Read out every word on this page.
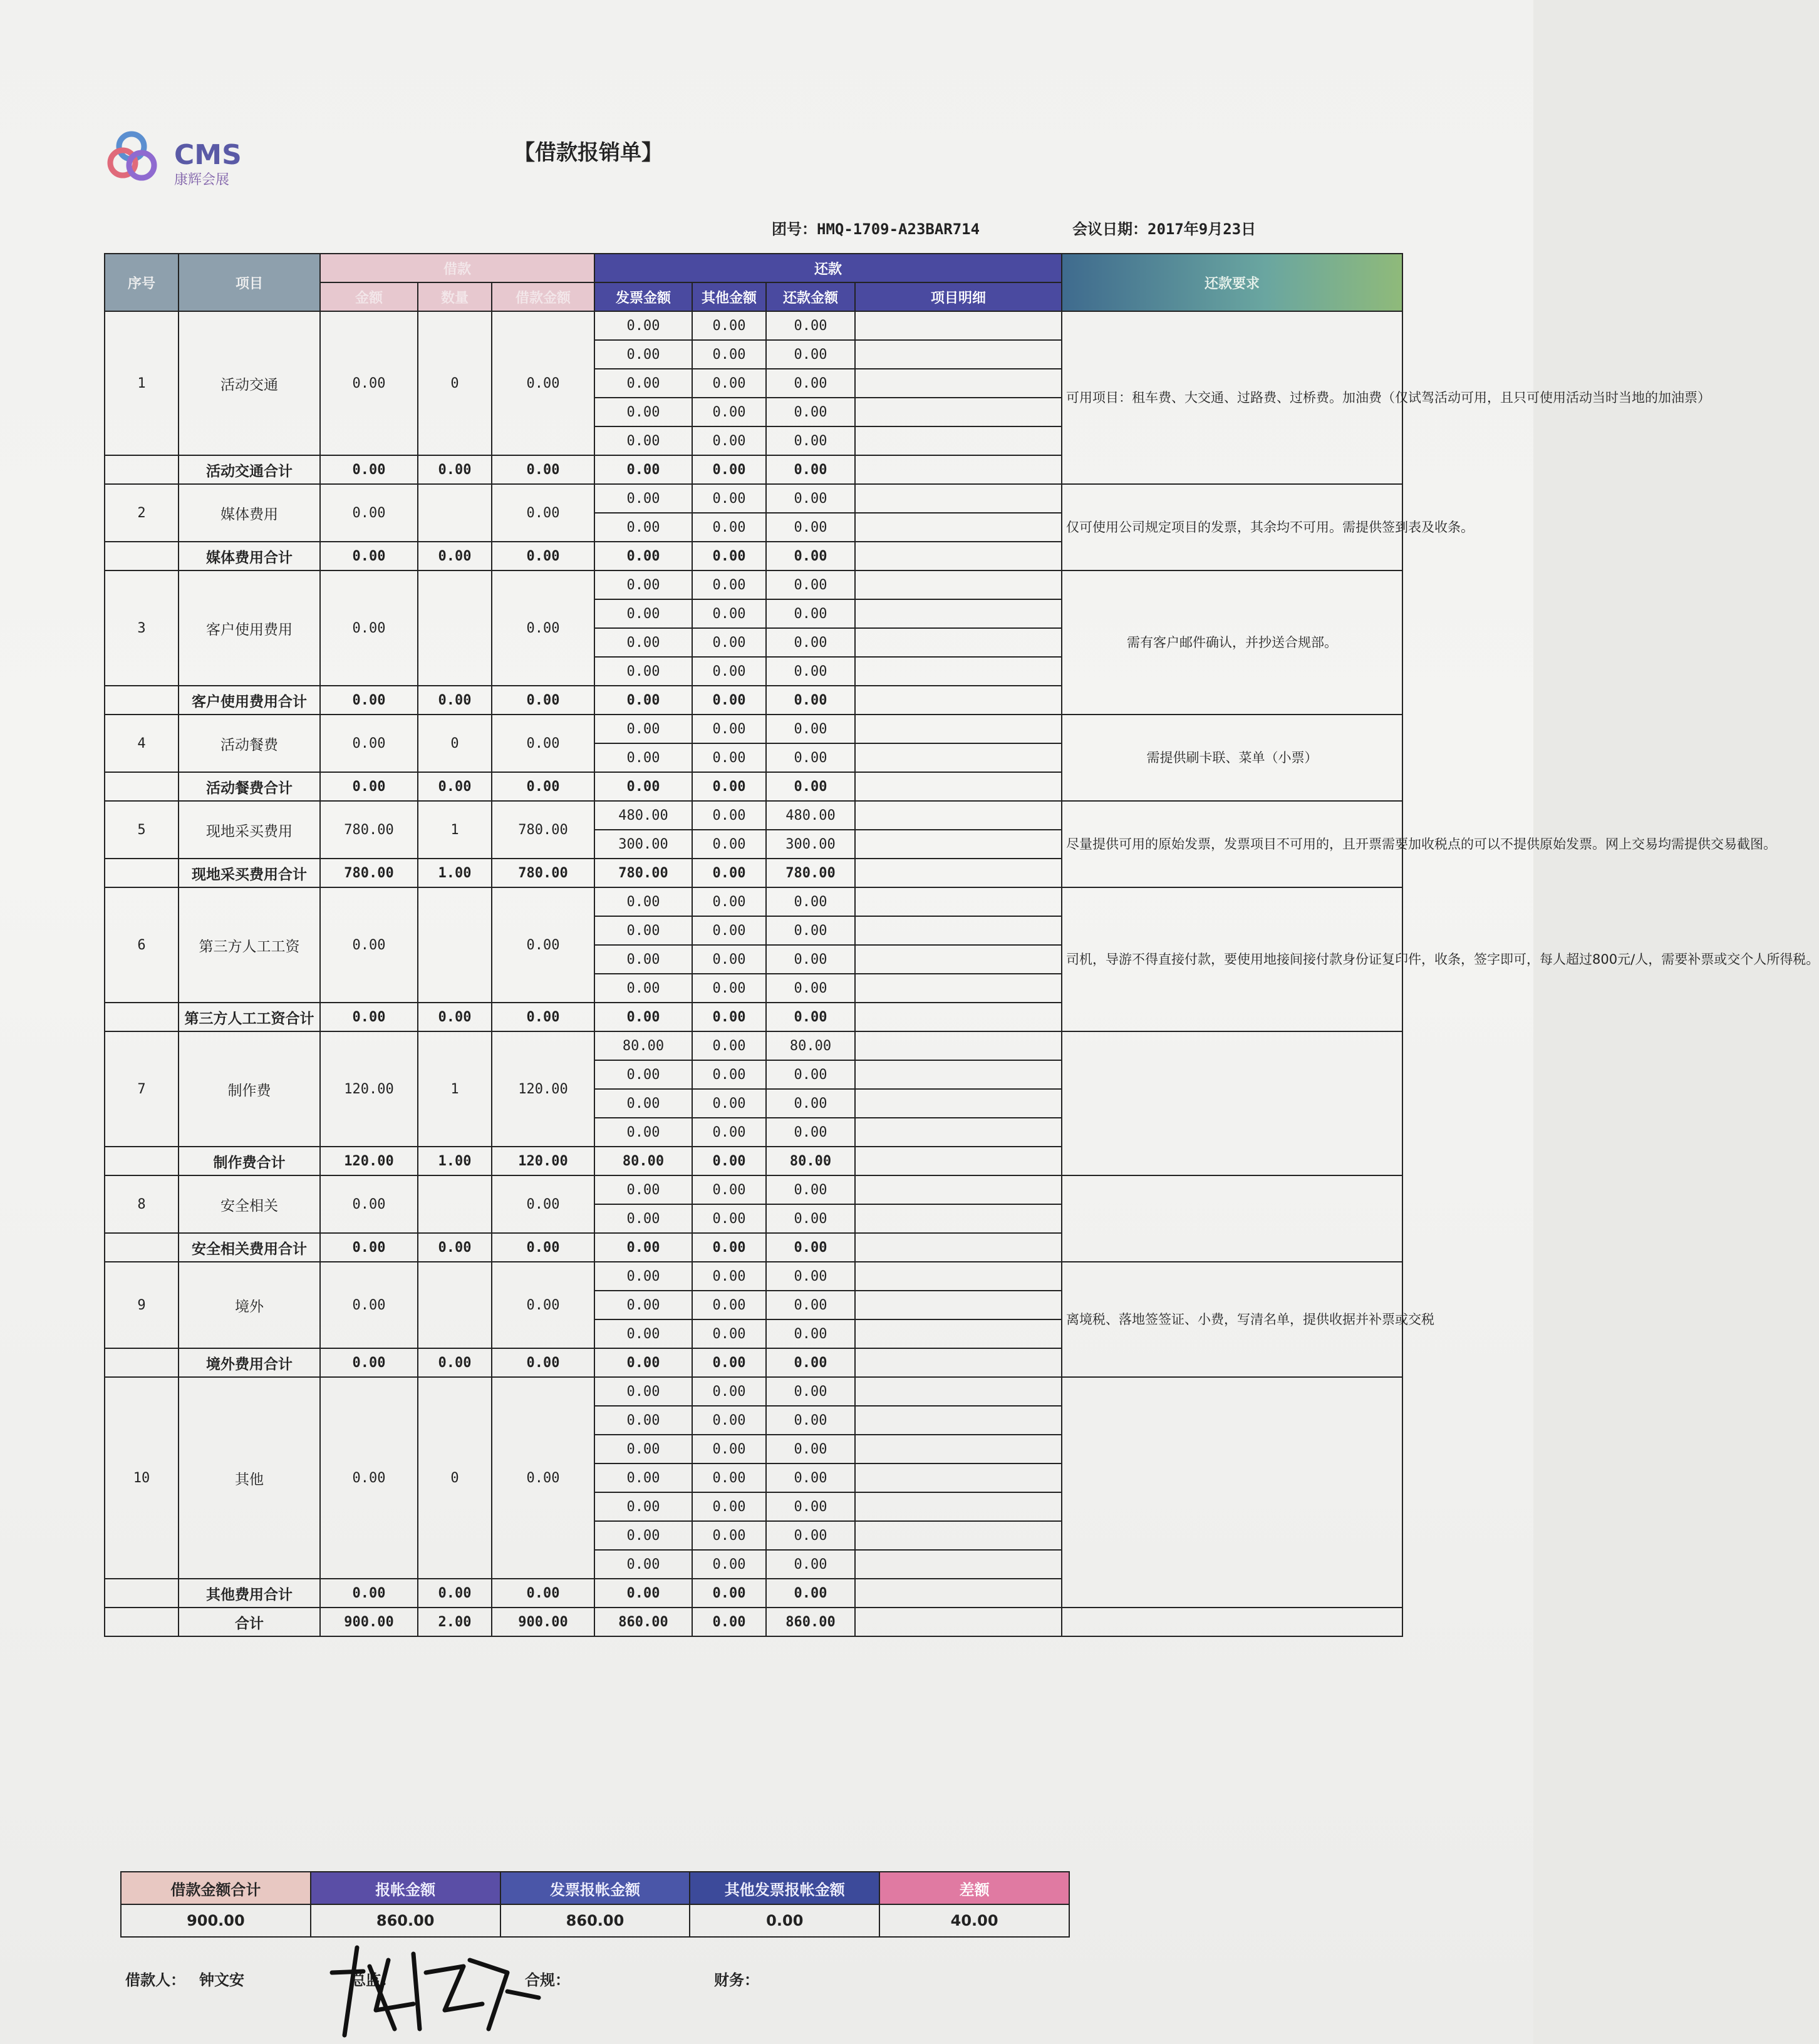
CMS
康辉会展
【借款报销单】
团号：HMQ-1709-A23BAR714	会议日期：2017年9月23日
序号	项目	借款			还款				还款要求
		金额	数量	借款金额	发票金额	其他金额	还款金额	项目明细	
1	活动交通	0.00	0	0.00	0.00	0.00	0.00		可用项目：租车费、大交通、过路费、过桥费。加油费（仅试驾活动可用，且只可使用活动当时当地的加油票）
					0.00	0.00	0.00		
					0.00	0.00	0.00		
					0.00	0.00	0.00		
					0.00	0.00	0.00		
	活动交通合计	0.00	0.00	0.00	0.00	0.00	0.00		
2	媒体费用	0.00		0.00	0.00	0.00	0.00		仅可使用公司规定项目的发票，其余均不可用。需提供签到表及收条。
					0.00	0.00	0.00		
	媒体费用合计	0.00	0.00	0.00	0.00	0.00	0.00		
3	客户使用费用	0.00		0.00	0.00	0.00	0.00		需有客户邮件确认，并抄送合规部。
					0.00	0.00	0.00		
					0.00	0.00	0.00		
					0.00	0.00	0.00		
	客户使用费用合计	0.00	0.00	0.00	0.00	0.00	0.00		
4	活动餐费	0.00	0	0.00	0.00	0.00	0.00		需提供刷卡联、菜单（小票）
					0.00	0.00	0.00		
	活动餐费合计	0.00	0.00	0.00	0.00	0.00	0.00		
5	现地采买费用	780.00	1	780.00	480.00	0.00	480.00		尽量提供可用的原始发票，发票项目不可用的，且开票需要加收税点的可以不提供原始发票。网上交易均需提供交易截图。
					300.00	0.00	300.00		
	现地采买费用合计	780.00	1.00	780.00	780.00	0.00	780.00		
6	第三方人工工资	0.00		0.00	0.00	0.00	0.00		司机，导游不得直接付款，要使用地接间接付款身份证复印件，收条，签字即可，每人超过800元/人，需要补票或交个人所得税。
					0.00	0.00	0.00		
					0.00	0.00	0.00		
					0.00	0.00	0.00		
	第三方人工工资合计	0.00	0.00	0.00	0.00	0.00	0.00		
7	制作费	120.00	1	120.00	80.00	0.00	80.00		
					0.00	0.00	0.00		
					0.00	0.00	0.00		
					0.00	0.00	0.00		
	制作费合计	120.00	1.00	120.00	80.00	0.00	80.00		
8	安全相关	0.00		0.00	0.00	0.00	0.00		
					0.00	0.00	0.00		
	安全相关费用合计	0.00	0.00	0.00	0.00	0.00	0.00		
9	境外	0.00		0.00	0.00	0.00	0.00		离境税、落地签签证、小费，写清名单，提供收据并补票或交税
					0.00	0.00	0.00		
					0.00	0.00	0.00		
	境外费用合计	0.00	0.00	0.00	0.00	0.00	0.00		
10	其他	0.00	0	0.00	0.00	0.00	0.00		
					0.00	0.00	0.00		
					0.00	0.00	0.00		
					0.00	0.00	0.00		
					0.00	0.00	0.00		
					0.00	0.00	0.00		
					0.00	0.00	0.00		
	其他费用合计	0.00	0.00	0.00	0.00	0.00	0.00		
	合计	900.00	2.00	900.00	860.00	0.00	860.00		
借款金额合计	报帐金额	发票报帐金额	其他发票报帐金额	差额
900.00	860.00	860.00	0.00	40.00
借款人： 钟文安	总监：	合规：	财务：
